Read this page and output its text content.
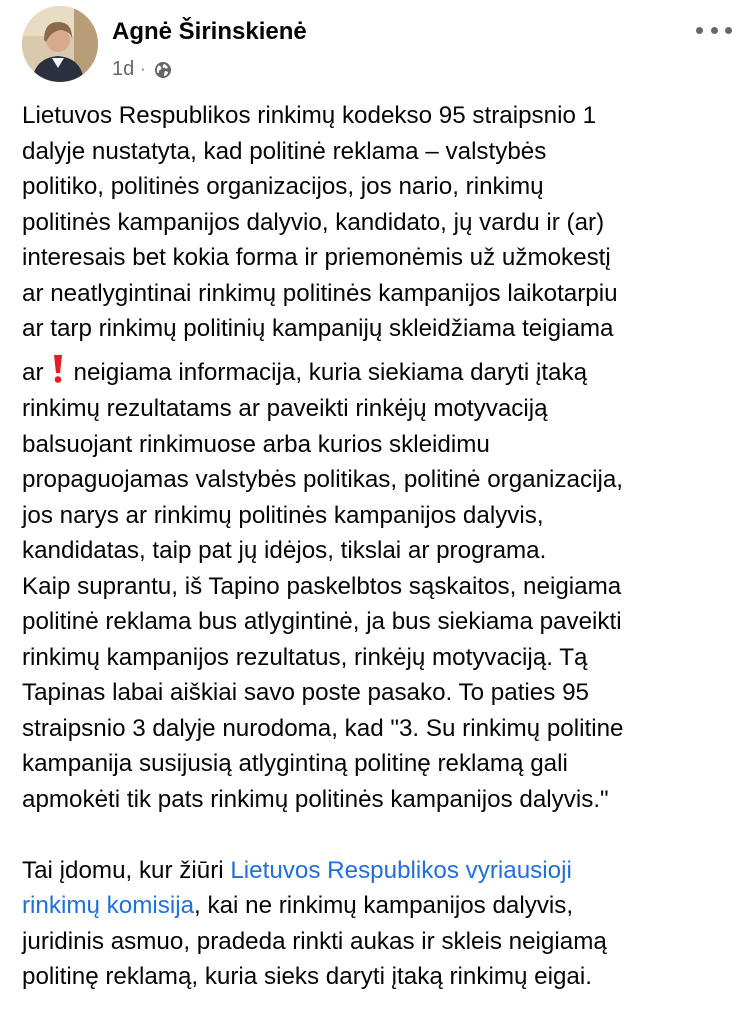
Agnė Širinskienė
1d ·

Lietuvos Respublikos rinkimų kodekso 95 straipsnio 1
dalyje nustatyta, kad politinė reklama – valstybės
politiko, politinės organizacijos, jos nario, rinkimų
politinės kampanijos dalyvio, kandidato, jų vardu ir (ar)
interesais bet kokia forma ir priemonėmis už užmokestį
ar neatlygintinai rinkimų politinės kampanijos laikotarpiu
ar tarp rinkimų politinių kampanijų skleidžiama teigiama
ar neigiama informacija, kuria siekiama daryti įtaką
rinkimų rezultatams ar paveikti rinkėjų motyvaciją
balsuojant rinkimuose arba kurios skleidimu
propaguojamas valstybės politikas, politinė organizacija,
jos narys ar rinkimų politinės kampanijos dalyvis,
kandidatas, taip pat jų idėjos, tikslai ar programa.
Kaip suprantu, iš Tapino paskelbtos sąskaitos, neigiama
politinė reklama bus atlygintinė, ja bus siekiama paveikti
rinkimų kampanijos rezultatus, rinkėjų motyvaciją. Tą
Tapinas labai aiškiai savo poste pasako. To paties 95
straipsnio 3 dalyje nurodoma, kad "3. Su rinkimų politine
kampanija susijusią atlygintiną politinę reklamą gali
apmokėti tik pats rinkimų politinės kampanijos dalyvis."

Tai įdomu, kur žiūri Lietuvos Respublikos vyriausioji
rinkimų komisija, kai ne rinkimų kampanijos dalyvis,
juridinis asmuo, pradeda rinkti aukas ir skleis neigiamą
politinę reklamą, kuria sieks daryti įtaką rinkimų eigai.
